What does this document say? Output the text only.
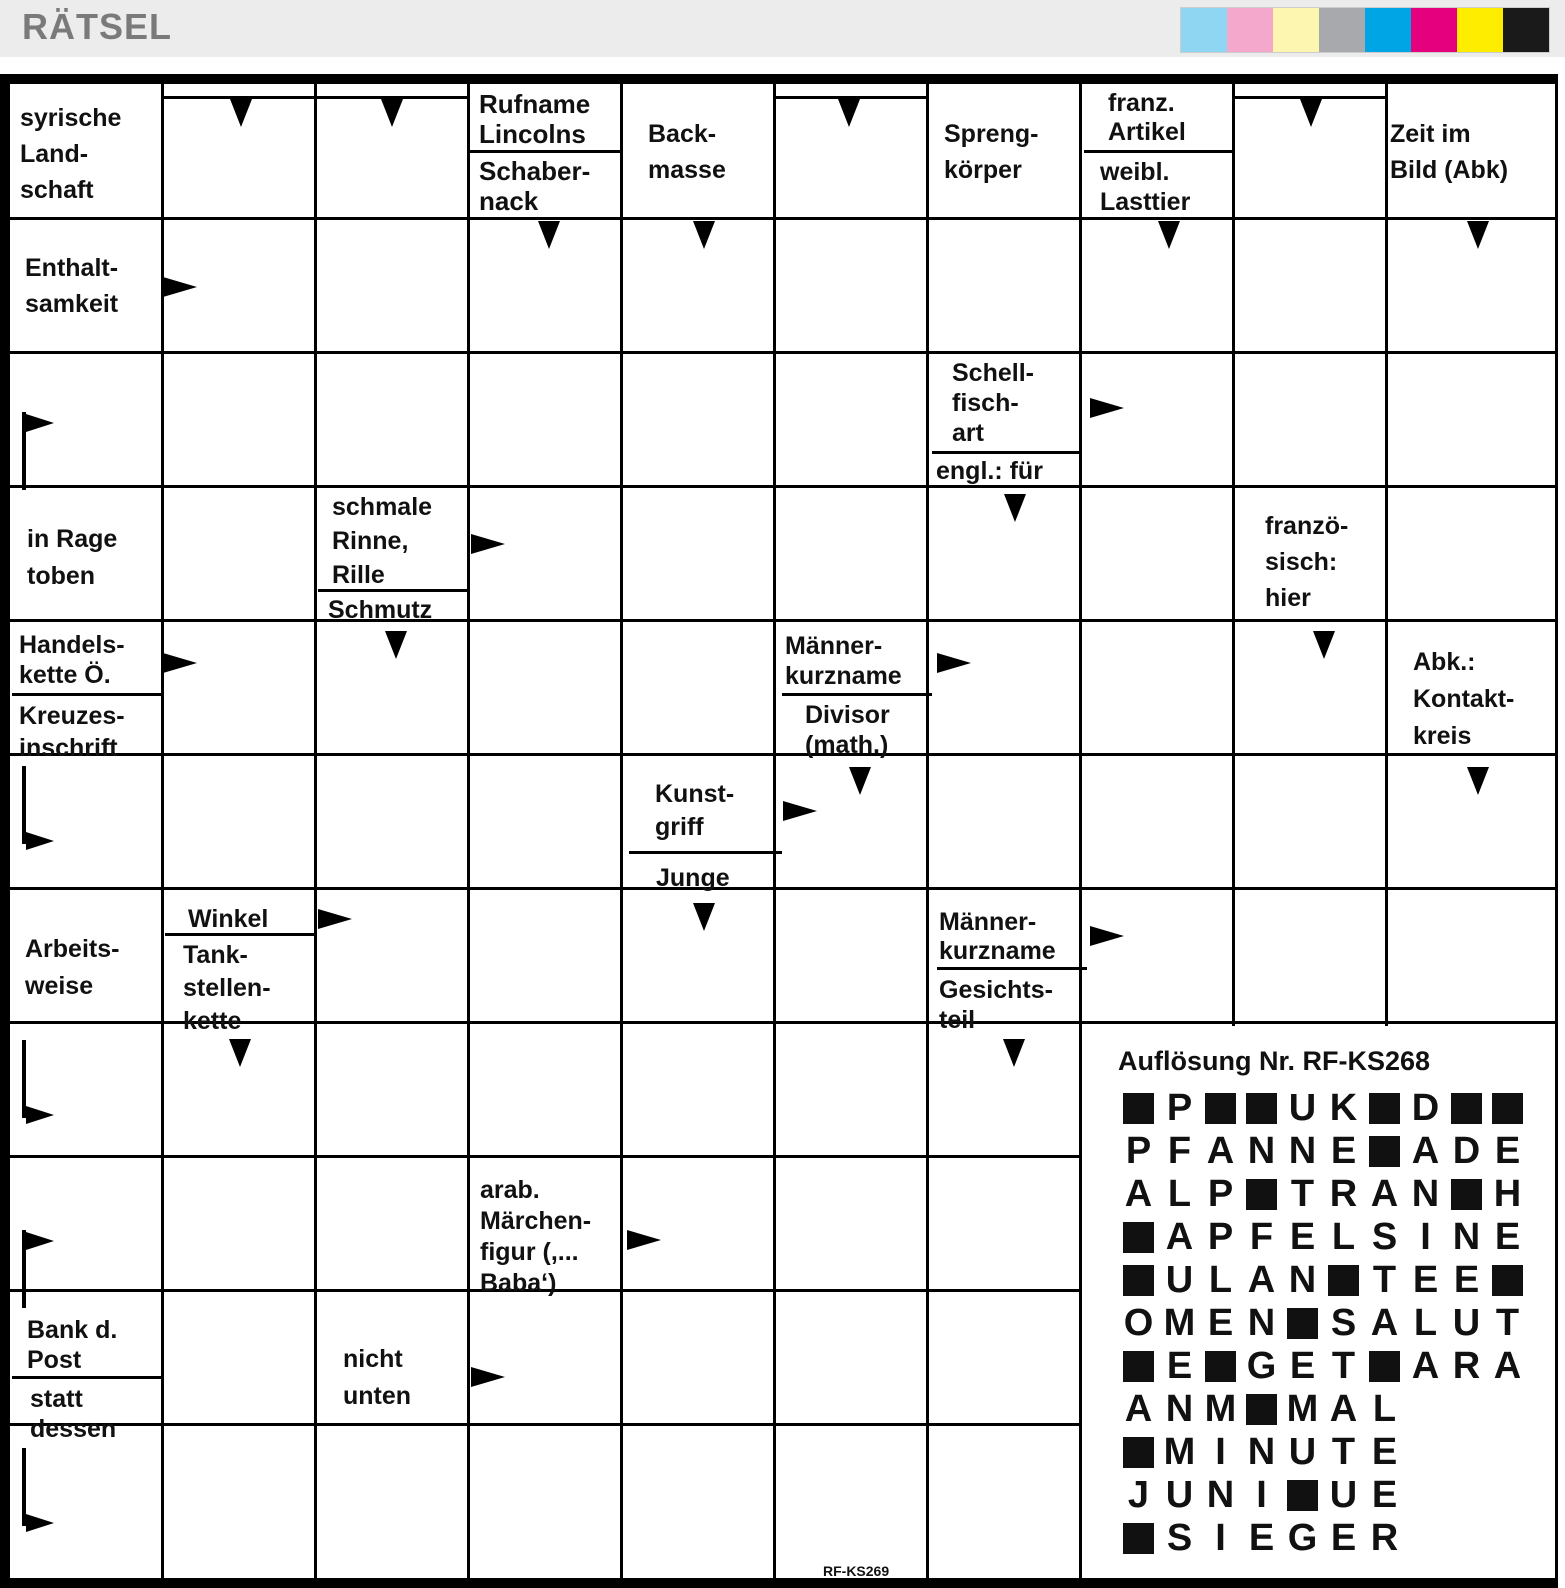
RÄTSEL
syrische
Land-
schaft
Rufname
Lincolns
Schaber-
nack
Back-
masse
Spreng-
körper
franz.
Artikel
weibl.
Lasttier
Zeit im
Bild (Abk)
Enthalt-
samkeit
Schell-
fisch-
art
engl.: für
in Rage
toben
schmale
Rinne,
Rille
Schmutz
franzö-
sisch:
hier
Handels-
kette Ö.
Kreuzes-
inschrift
Männer-
kurzname
Divisor
(math.)
Abk.:
Kontakt-
kreis
Kunst-
griff
Junge
Arbeits-
weise
Winkel
Tank-
stellen-
kette
Männer-
kurzname
Gesichts-
teil
arab.
Märchen-
figur (,...
Baba‘)
Bank d.
Post
statt
dessen
nicht
unten
Auflösung Nr. RF-KS268
P	U K D
P F A N N E A D E
A L P T R A N H
A P F E L S I N E
U L A N T E E
O M E N S A L U T
E G E T A R A
A N M M A L
M I N U T E
J U N I	U E
S I E G E R
RF-KS269
